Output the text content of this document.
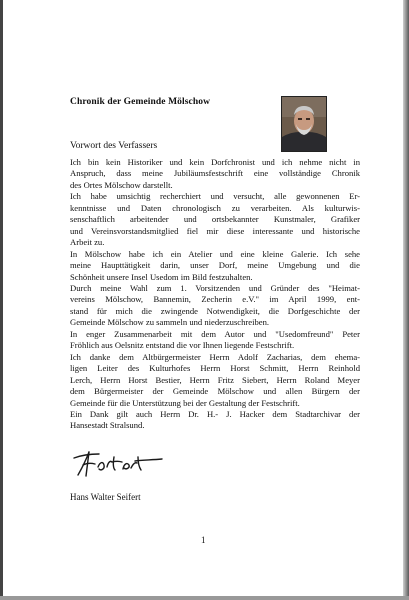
Chronik der Gemeinde Mölschow
Vorwort des Verfassers
Ich bin kein Historiker und kein Dorfchronist und ich nehme nicht in
Anspruch, dass meine Jubiläumsfestschrift eine vollständige Chronik
des Ortes Mölschow darstellt.
Ich habe umsichtig recherchiert und versucht, alle gewonnenen Er-
kenntnisse und Daten chronologisch zu verarbeiten. Als kulturwis-
senschaftlich arbeitender und ortsbekannter Kunstmaler, Grafiker
und Vereinsvorstandsmitglied fiel mir diese interessante und historische
Arbeit zu.
In Mölschow habe ich ein Atelier und eine kleine Galerie. Ich sehe
meine Haupttätigkeit darin, unser Dorf, meine Umgebung und die
Schönheit unsere Insel Usedom im Bild festzuhalten.
Durch meine Wahl zum 1. Vorsitzenden und Gründer des "Heimat-
vereins Mölschow, Bannemin, Zecherin e.V." im April 1999, ent-
stand für mich die zwingende Notwendigkeit, die Dorfgeschichte der
Gemeinde Mölschow zu sammeln und niederzuschreiben.
In enger Zusammenarbeit mit dem Autor und "Usedomfreund" Peter
Fröhlich aus Oelsnitz entstand die vor Ihnen liegende Festschrift.
Ich danke dem Altbürgermeister Herrn Adolf Zacharias, dem ehema-
ligen Leiter des Kulturhofes Herrn Horst Schmitt, Herrn Reinhold
Lerch, Herrn Horst Bestier, Herrn Fritz Siebert, Herrn Roland Meyer
dem Bürgermeister der Gemeinde Mölschow und allen Bürgern der
Gemeinde für die Unterstützung bei der Gestaltung der Festschrift.
Ein Dank gilt auch Herrn Dr. H.- J. Hacker dem Stadtarchivar der
Hansestadt Stralsund.
Hans Walter Seifert
1
